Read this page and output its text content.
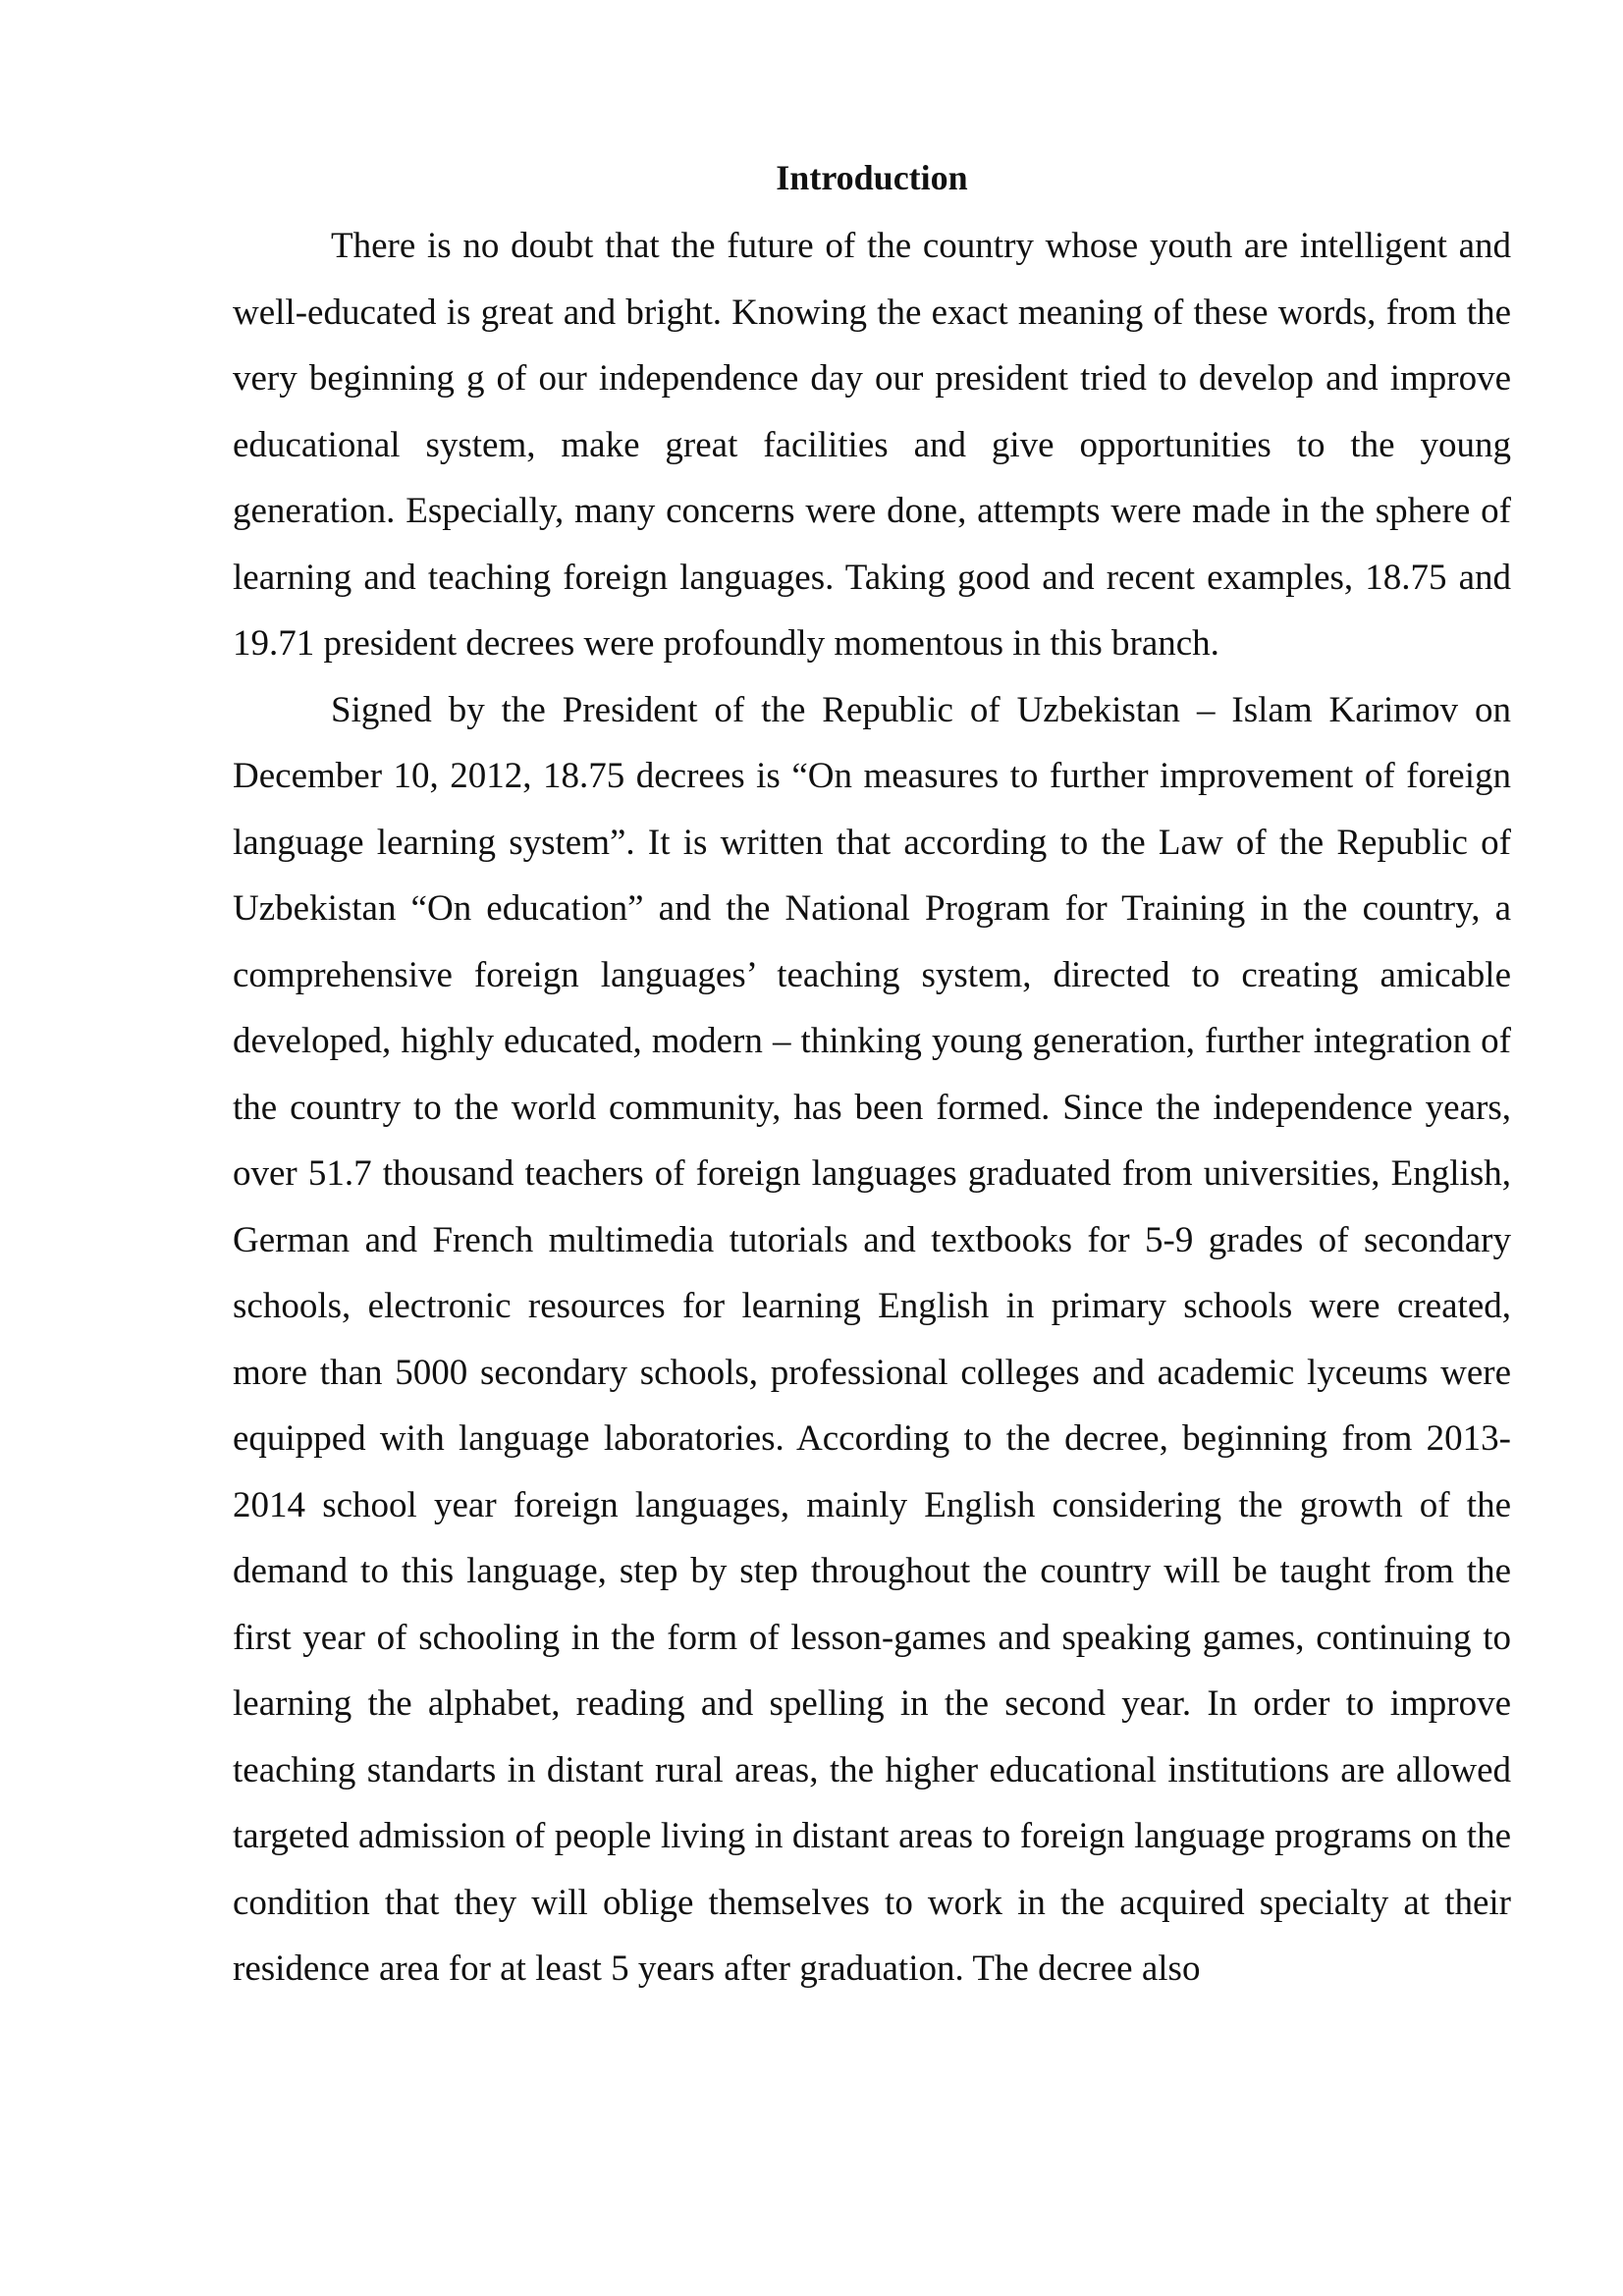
Introduction

There is no doubt that the future of the country whose youth are intelligent and well-educated is great and bright. Knowing the exact meaning of these words, from the very beginning g of our independence day our president tried to develop and improve educational system, make great facilities and give opportunities to the young generation. Especially, many concerns were done, attempts were made in the sphere of learning and teaching foreign languages. Taking good and recent examples, 18.75 and 19.71 president decrees were profoundly momentous in this branch.

Signed by the President of the Republic of Uzbekistan – Islam Karimov on December 10, 2012, 18.75 decrees is “On measures to further improvement of foreign language learning system”. It is written that according to the Law of the Republic of Uzbekistan “On education” and the National Program for Training in the country, a comprehensive foreign languages’ teaching system, directed to creating amicable developed, highly educated, modern – thinking young generation, further integration of the country to the world community, has been formed. Since the independence years, over 51.7 thousand teachers of foreign languages graduated from universities, English, German and French multimedia tutorials and textbooks for 5-9 grades of secondary schools, electronic resources for learning English in primary schools were created, more than 5000 secondary schools, professional colleges and academic lyceums were equipped with language laboratories. According to the decree, beginning from 2013-2014 school year foreign languages, mainly English considering the growth of the demand to this language, step by step throughout the country will be taught from the first year of schooling in the form of lesson-games and speaking games, continuing to learning the alphabet, reading and spelling in the second year. In order to improve teaching standarts in distant rural areas, the higher educational institutions are allowed targeted admission of people living in distant areas to foreign language programs on the condition that they will oblige themselves to work in the acquired specialty at their residence area for at least 5 years after graduation. The decree also
